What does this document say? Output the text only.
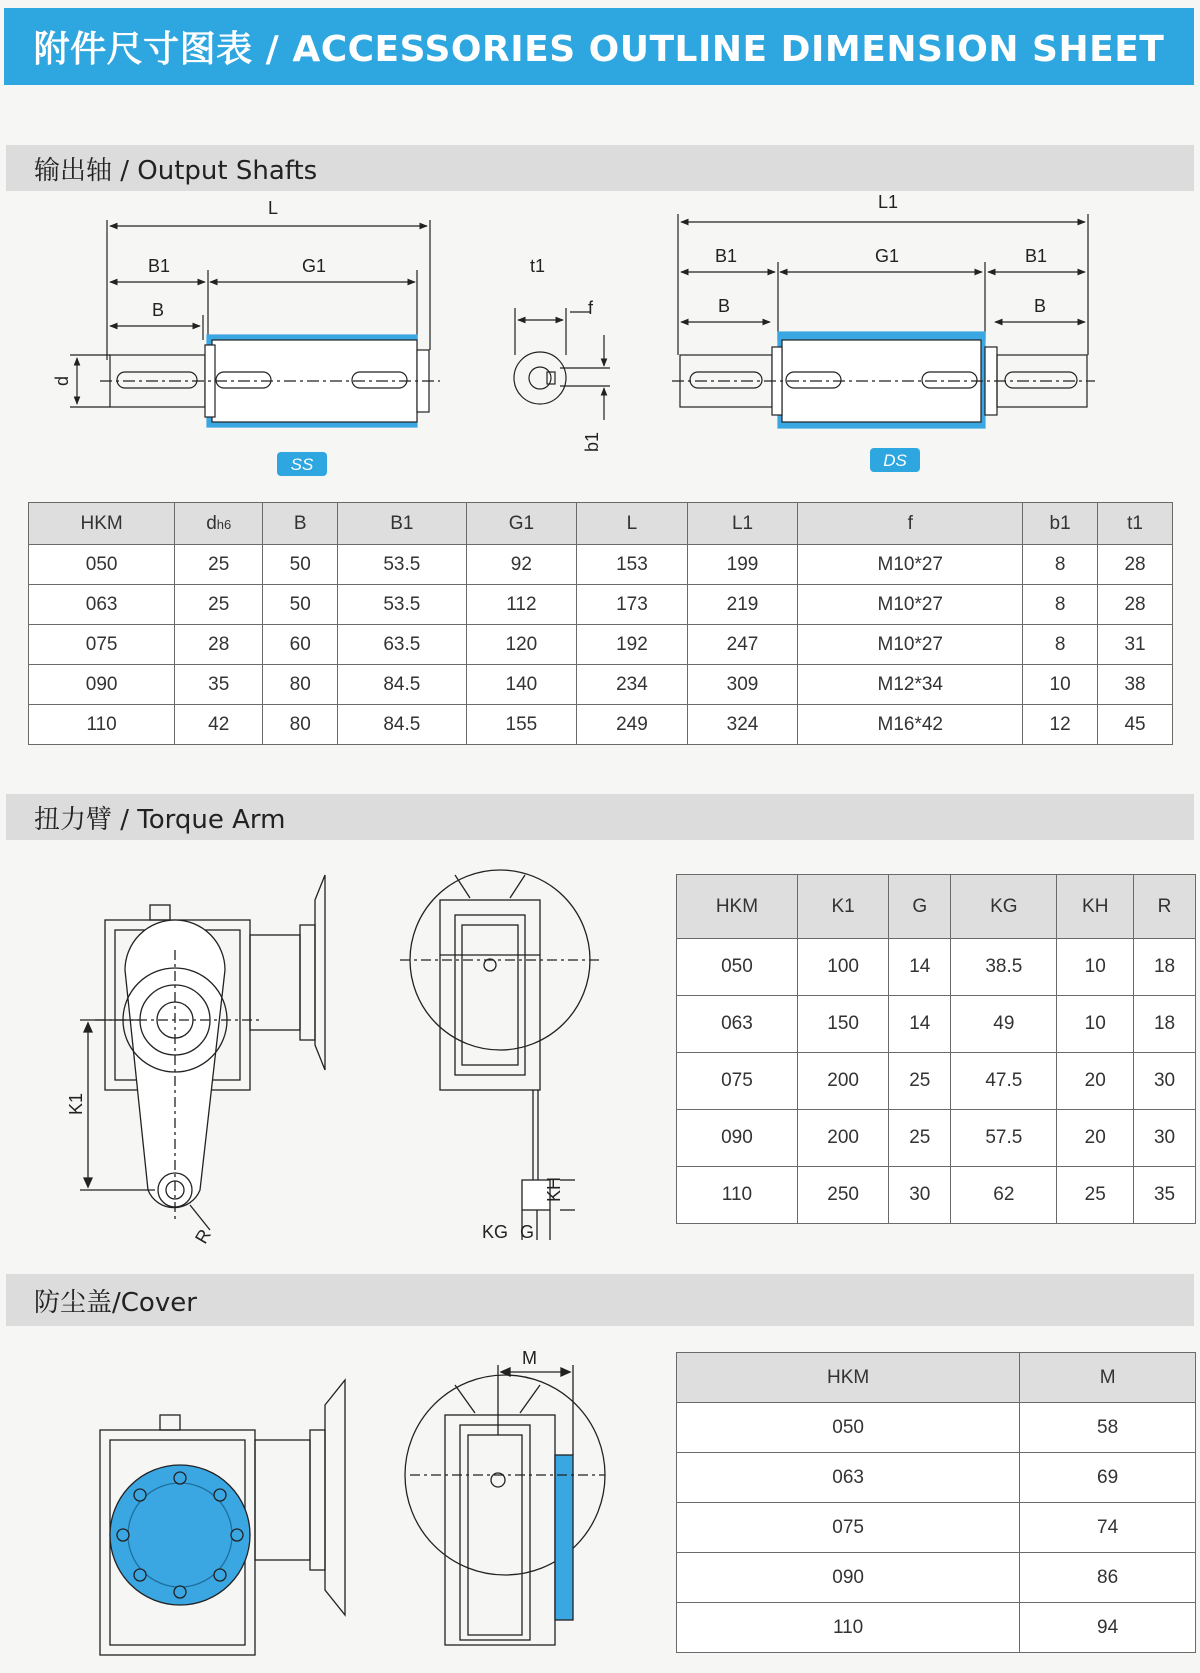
附件尺寸图表 / ACCESSORIES OUTLINE DIMENSION SHEET
输出轴 / Output Shafts
L
B1	G1
B
d
t1
f
b1
L1
B1	G1	B1
B	B
SS	DS
HKM	dh6	B	B1	G1	L	L1	f	b1	t1
050	25	50	53.5	92	153	199	M10*27	8	28
063	25	50	53.5	112	173	219	M10*27	8	28
075	28	60	63.5	120	192	247	M10*27	8	31
090	35	80	84.5	140	234	309	M12*34	10	38
110	42	80	84.5	155	249	324	M16*42	12	45
扭力臂 / Torque Arm
K1
R	KG G
KH
HKM	K1	G	KG	KH	R
050	100	14	38.5	10	18
063	150	14	49	10	18
075	200	25	47.5	20	30
090	200	25	57.5	20	30
110	250	30	62	25	35
防尘盖/Cover
M
HKM	M
050	58
063	69
075	74
090	86
110	94
